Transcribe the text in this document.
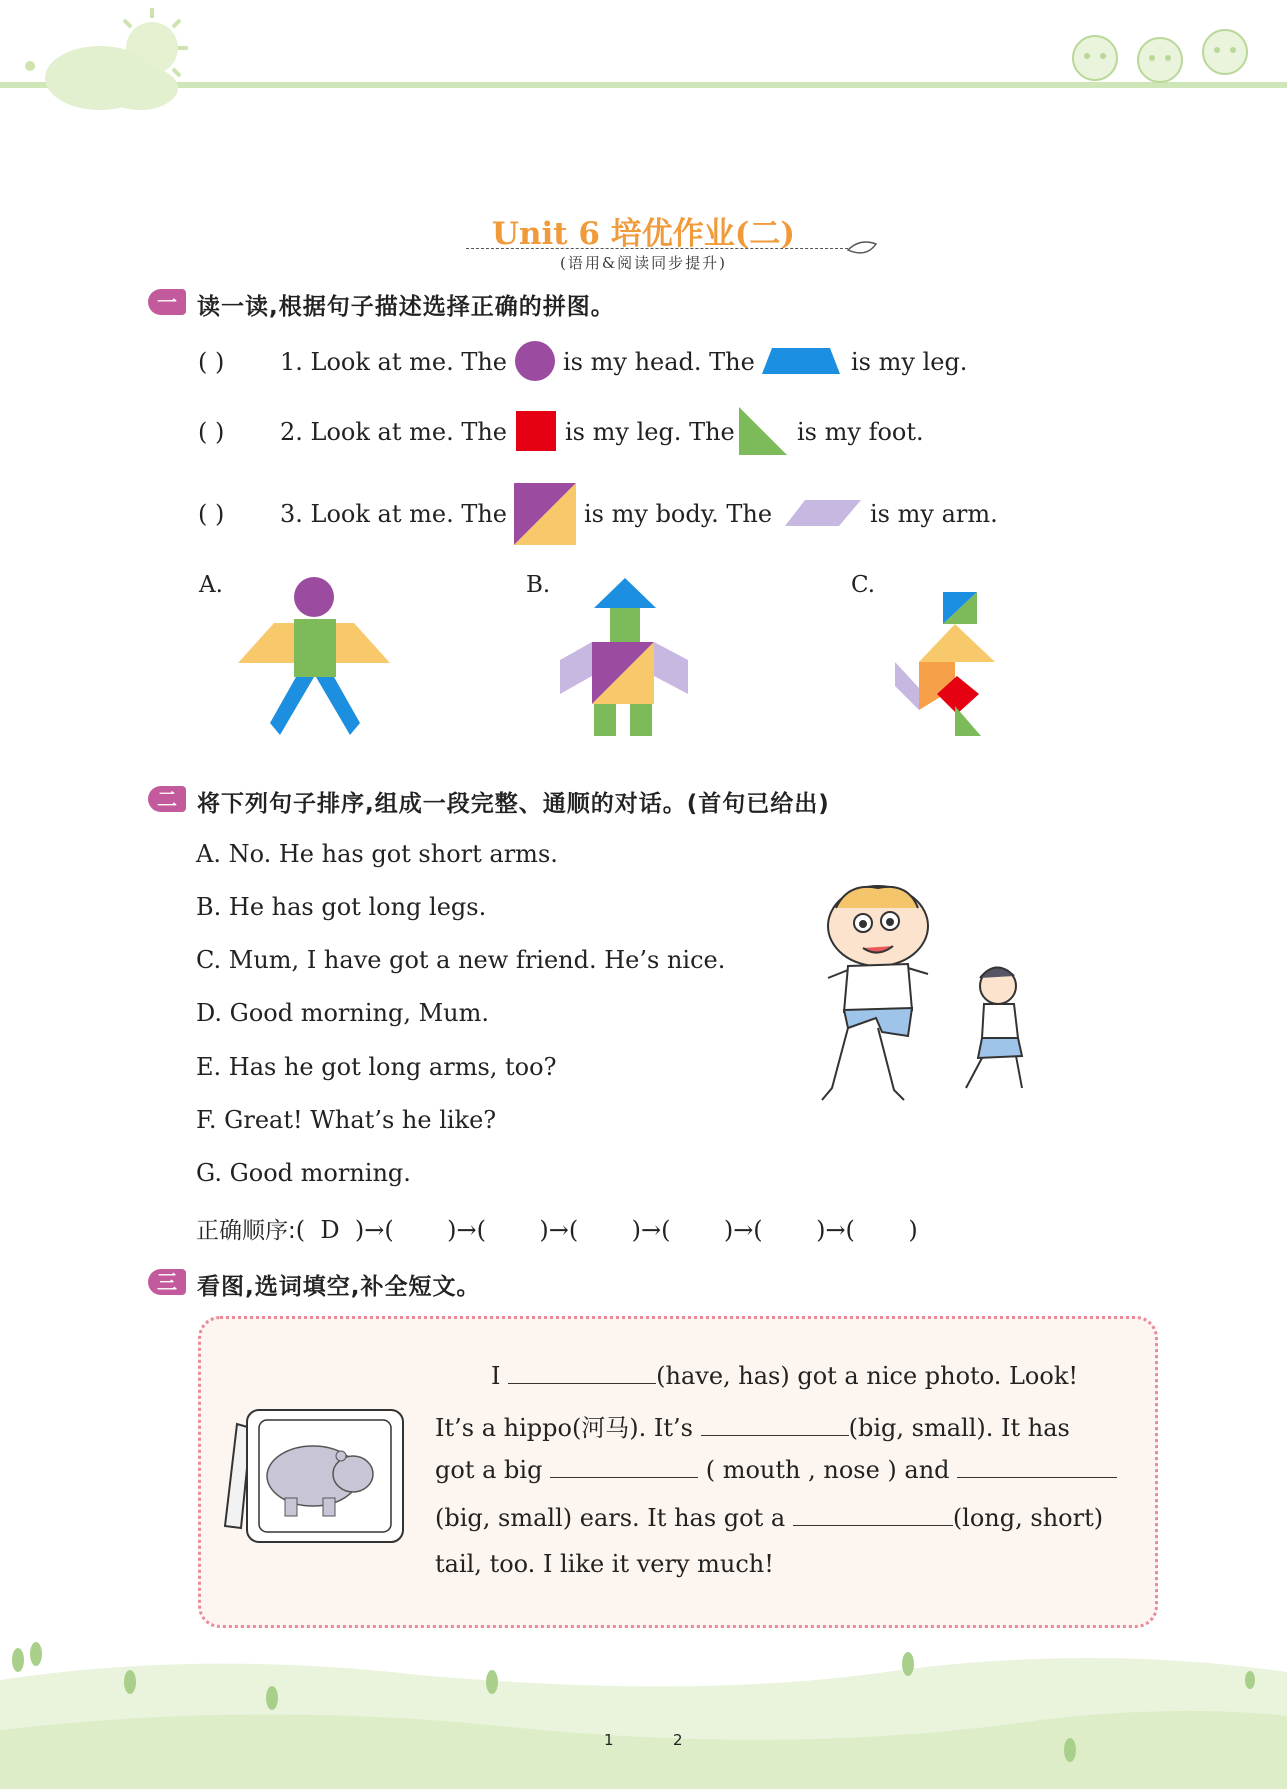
Unit 6 培优作业(二)
(语用&阅读同步提升)
一 读一读,根据句子描述选择正确的拼图。
( ) 1. Look at me. The is my head. The	is my leg.
( ) 2. Look at me. The is my leg. The	is my foot.
( ) 3. Look at me. The	is my body. The	is my arm.
A.	B.	C.
二 将下列句子排序,组成一段完整、通顺的对话。(首句已给出)
A. No. He has got short arms.
B. He has got long legs.
C. Mum, I have got a new friend. He’s nice.
D. Good morning, Mum.
E. Has he got long arms, too?
F. Great! What’s he like?
G. Good morning.
正确顺序:(  D  )→(       )→(       )→(       )→(       )→(       )→(       )
三 看图,选词填空,补全短文。
I	(have, has) got a nice photo. Look!
It’s a hippo(河马). It’s	(big, small). It has
got a big	( mouth , nose ) and
(big, small) ears. It has got a	(long, short)
tail, too. I like it very much!
1	2
